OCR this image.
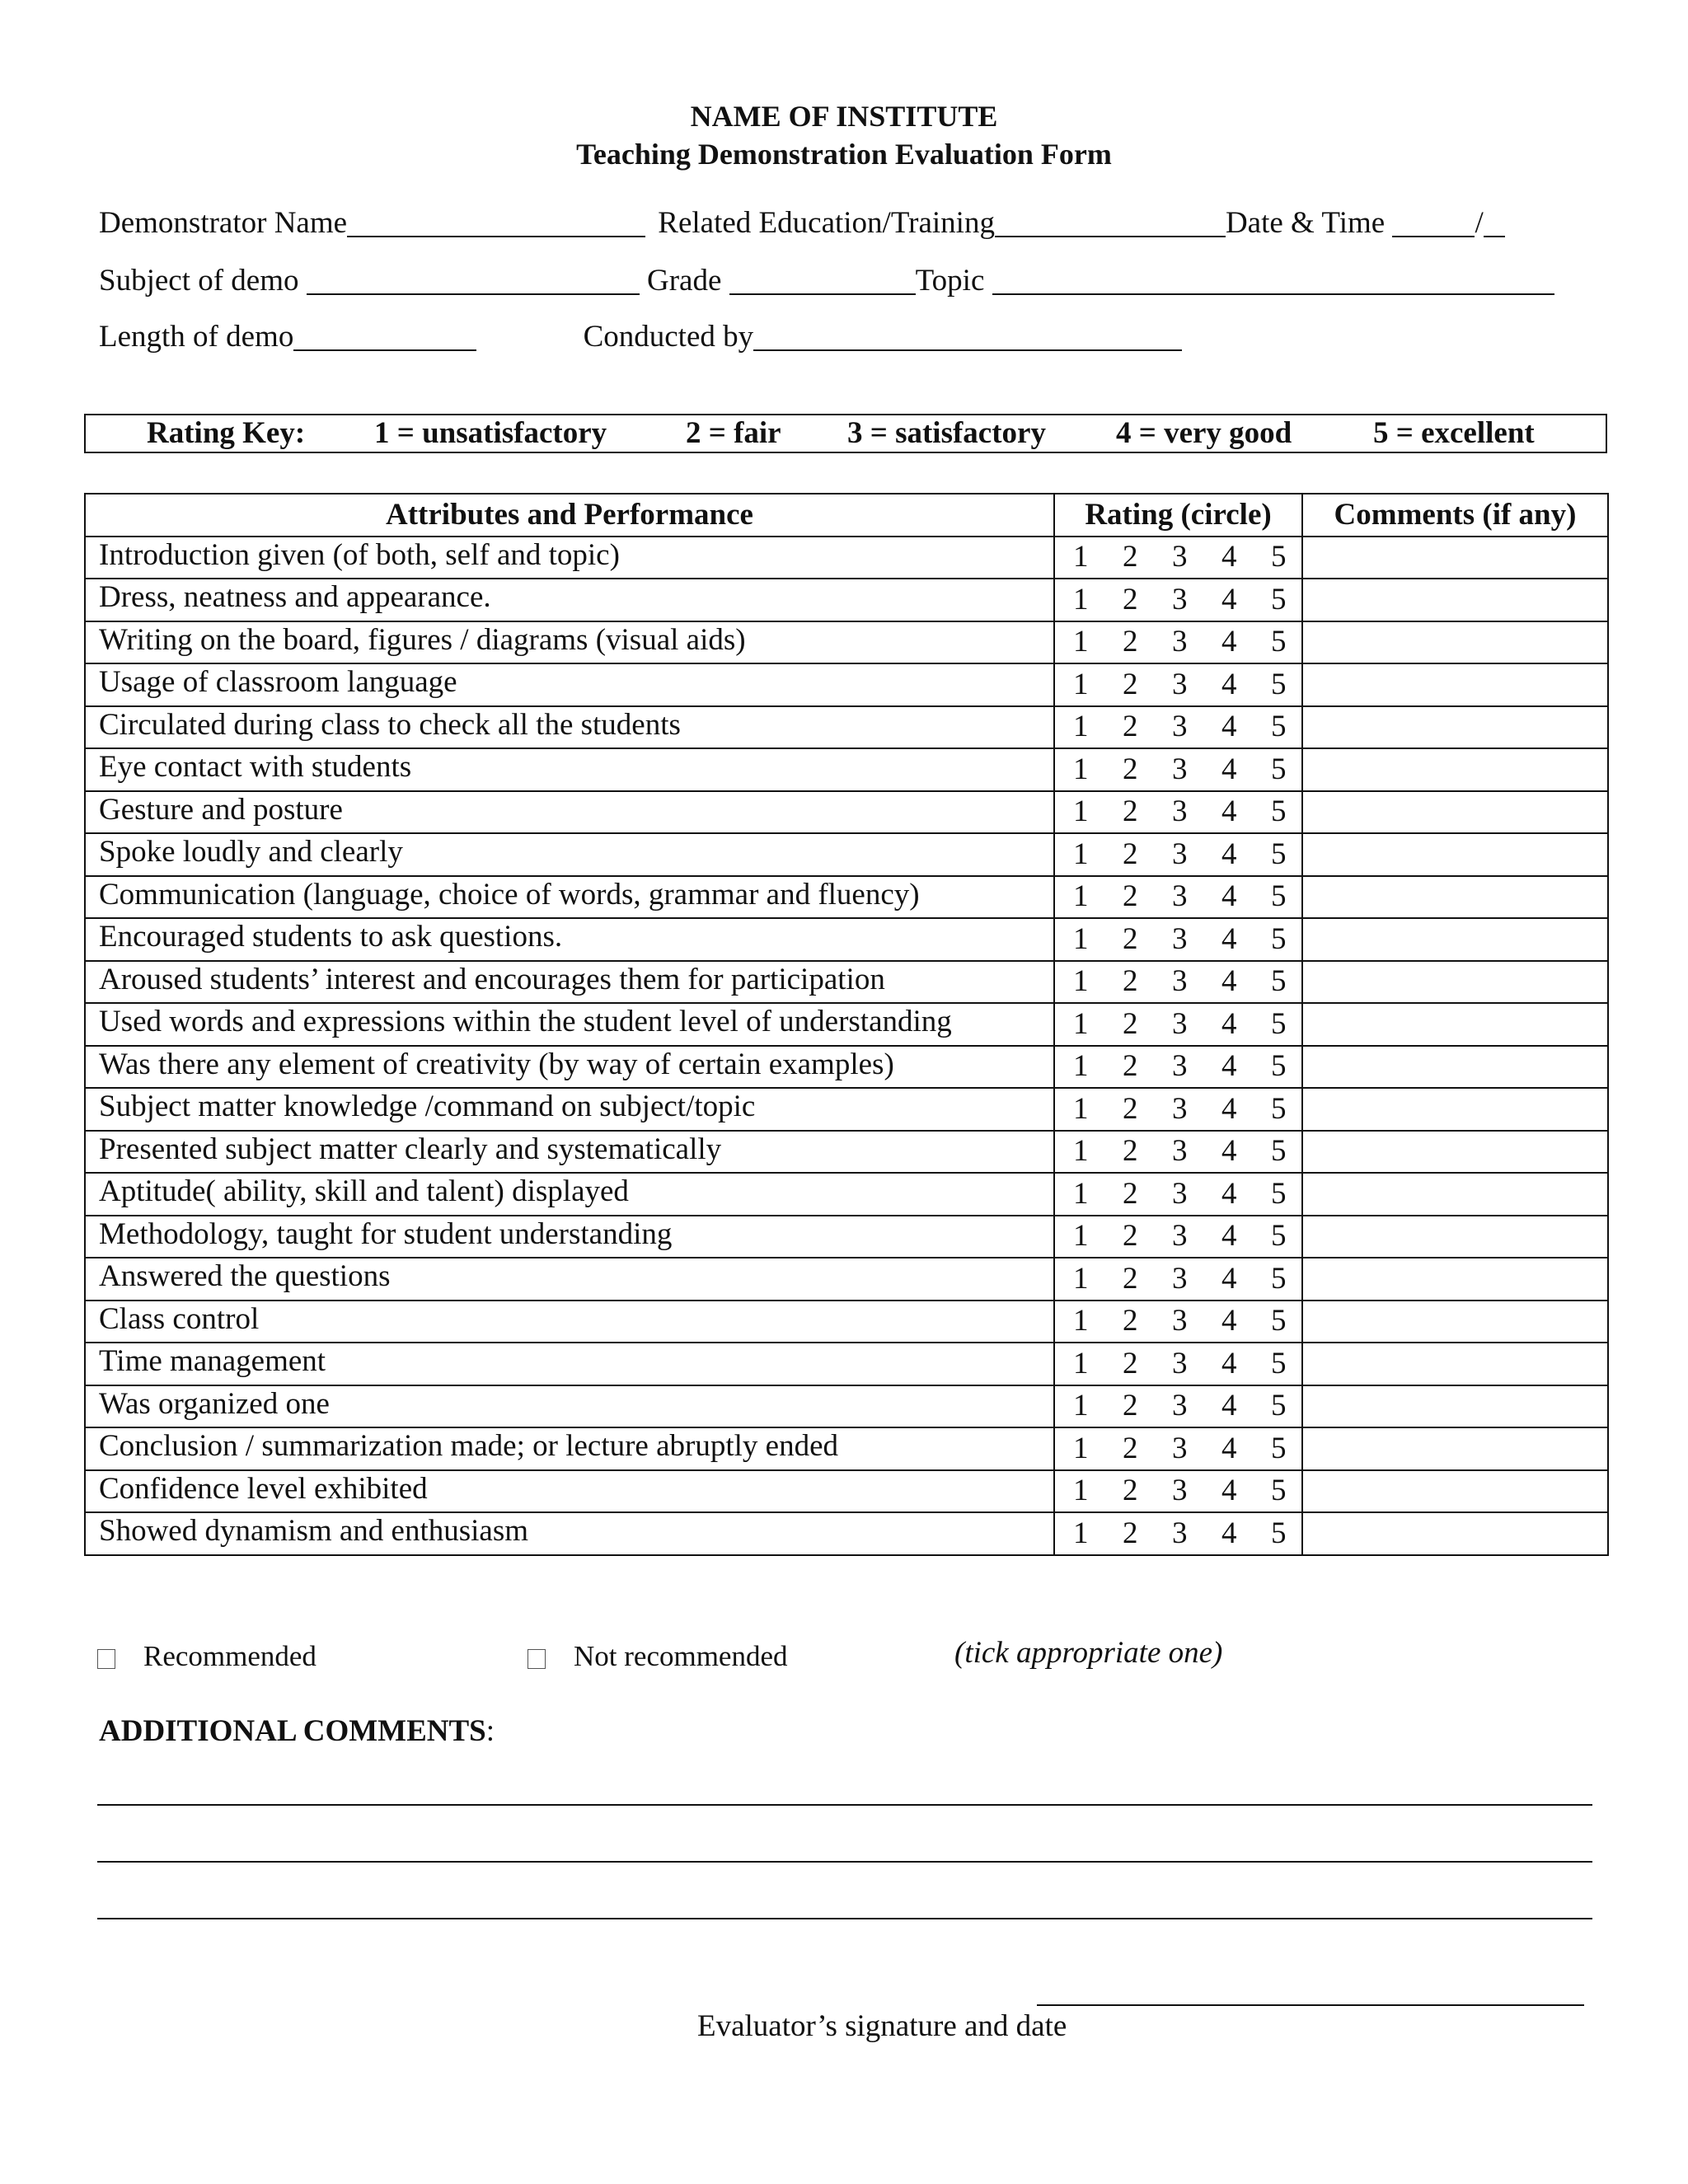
NAME OF INSTITUTE
Teaching Demonstration Evaluation Form
Demonstrator Name	Related Education/Training	Date & Time	/
Subject of demo	Grade	Topic
Length of demo	Conducted by
Rating Key: 1 = unsatisfactory	2 = fair 3 = satisfactory 4 = very good	5 = excellent
Attributes and Performance	Rating (circle)	Comments (if any)
Introduction given (of both, self and topic)	1 2 3 4 5	
Dress, neatness and appearance.	1 2 3 4 5	
Writing on the board, figures / diagrams (visual aids)	1 2 3 4 5	
Usage of classroom language	1 2 3 4 5	
Circulated during class to check all the students	1 2 3 4 5	
Eye contact with students	1 2 3 4 5	
Gesture and posture	1 2 3 4 5	
Spoke loudly and clearly	1 2 3 4 5	
Communication (language, choice of words, grammar and fluency)	1 2 3 4 5	
Encouraged students to ask questions.	1 2 3 4 5	
Aroused students’ interest and encourages them for participation	1 2 3 4 5	
Used words and expressions within the student level of understanding	1 2 3 4 5	
Was there any element of creativity (by way of certain examples)	1 2 3 4 5	
Subject matter knowledge /command on subject/topic	1 2 3 4 5	
Presented subject matter clearly and systematically	1 2 3 4 5	
Aptitude( ability, skill and talent) displayed	1 2 3 4 5	
Methodology, taught for student understanding	1 2 3 4 5	
Answered the questions	1 2 3 4 5	
Class control	1 2 3 4 5	
Time management	1 2 3 4 5	
Was organized one	1 2 3 4 5	
Conclusion / summarization made; or lecture abruptly ended	1 2 3 4 5	
Confidence level exhibited	1 2 3 4 5	
Showed dynamism and enthusiasm	1 2 3 4 5	
Recommended	Not recommended	(tick appropriate one)
ADDITIONAL COMMENTS:
Evaluator’s signature and date
